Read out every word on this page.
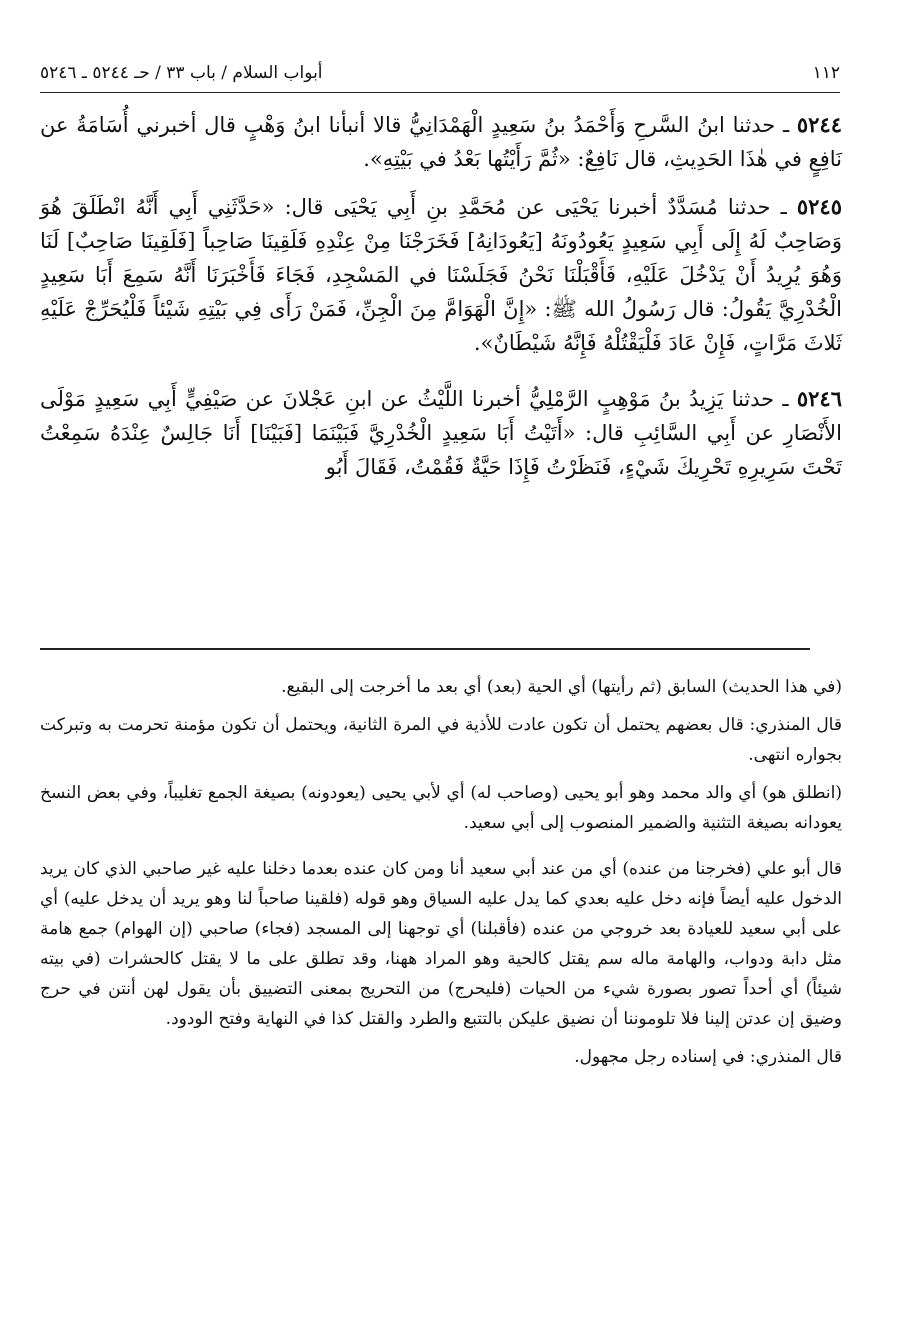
١١٢
أبواب السلام / باب ٣٣ / حـ ٥٢٤٤ ـ ٥٢٤٦

٥٢٤٤ ـ حدثنا ابنُ السَّرحِ وَأَحْمَدُ بنُ سَعِيدٍ الْهَمْدَانِيُّ قالا أنبأنا ابنُ وَهْبٍ قال أخبرني أُسَامَةُ عن نَافِعٍ في هٰذَا الحَدِيثِ، قال نَافِعٌ: «ثُمَّ رَأَيْتُها بَعْدُ في بَيْتِهِ».

٥٢٤٥ ـ حدثنا مُسَدَّدٌ أخبرنا يَحْيَى عن مُحَمَّدِ بنِ أَبِي يَحْيَى قال: «حَدَّثَنِي أَبِي أَنَّهُ انْطَلَقَ هُوَ وَصَاحِبٌ لَهُ إِلَى أَبِي سَعِيدٍ يَعُودُونَهُ [يَعُودَانِهُ] فَخَرَجْنَا مِنْ عِنْدِهِ فَلَقِينَا صَاحِباً [فَلَقِينَا صَاحِبٌ] لَنَا وَهُوَ يُرِيدُ أَنْ يَدْخُلَ عَلَيْهِ، فَأَقْبَلْنَا نَحْنُ فَجَلَسْنَا في المَسْجِدِ، فَجَاءَ فَأَخْبَرَنَا أَنَّهُ سَمِعَ أَبَا سَعِيدٍ الْخُدْرِيَّ يَقُولُ: قال رَسُولُ الله ﷺ: «إِنَّ الْهَوَامَّ مِنَ الْجِنِّ، فَمَنْ رَأَى فِي بَيْتِهِ شَيْئاً فَلْيُحَرِّجْ عَلَيْهِ ثَلاثَ مَرَّاتٍ، فَإِنْ عَادَ فَلْيَقْتُلْهُ فَإِنَّهُ شَيْطَانٌ».

٥٢٤٦ ـ حدثنا يَزِيدُ بنُ مَوْهِبٍ الرَّمْلِيُّ أخبرنا اللَّيْثُ عن ابنِ عَجْلانَ عن صَيْفِيٍّ أَبِي سَعِيدٍ مَوْلَى الأَنْصَارِ عن أَبِي السَّائِبِ قال: «أَتَيْتُ أَبَا سَعِيدٍ الْخُدْرِيَّ فَبَيْنَمَا [فَبَيْنَا] أَنَا جَالِسٌ عِنْدَهُ سَمِعْتُ تَحْتَ سَرِيرِهِ تَحْرِيكَ شَيْءٍ، فَنَظَرْتُ فَإِذَا حَيَّةٌ فَقُمْتُ، فَقَالَ أَبُو

(في هذا الحديث) السابق (ثم رأيتها) أي الحية (بعد) أي بعد ما أخرجت إلى البقيع.

قال المنذري: قال بعضهم يحتمل أن تكون عادت للأذية في المرة الثانية، ويحتمل أن تكون مؤمنة تحرمت به وتبركت بجواره انتهى.

(انطلق هو) أي والد محمد وهو أبو يحيى (وصاحب له) أي لأبي يحيى (يعودونه) بصيغة الجمع تغليباً، وفي بعض النسخ يعودانه بصيغة التثنية والضمير المنصوب إلى أبي سعيد.

قال أبو علي (فخرجنا من عنده) أي من عند أبي سعيد أنا ومن كان عنده بعدما دخلنا عليه غير صاحبي الذي كان يريد الدخول عليه أيضاً فإنه دخل عليه بعدي كما يدل عليه السياق وهو قوله (فلقينا صاحباً لنا وهو يريد أن يدخل عليه) أي على أبي سعيد للعيادة بعد خروجي من عنده (فأقبلنا) أي توجهنا إلى المسجد (فجاء) صاحبي (إن الهوام) جمع هامة مثل دابة ودواب، والهامة ماله سم يقتل كالحية وهو المراد ههنا، وقد تطلق على ما لا يقتل كالحشرات (في بيته شيئاً) أي أحداً تصور بصورة شيء من الحيات (فليحرج) من التحريج بمعنى التضييق بأن يقول لهن أنتن في حرج وضيق إن عدتن إلينا فلا تلوموننا أن نضيق عليكن بالتتبع والطرد والقتل كذا في النهاية وفتح الودود.

قال المنذري: في إسناده رجل مجهول.
